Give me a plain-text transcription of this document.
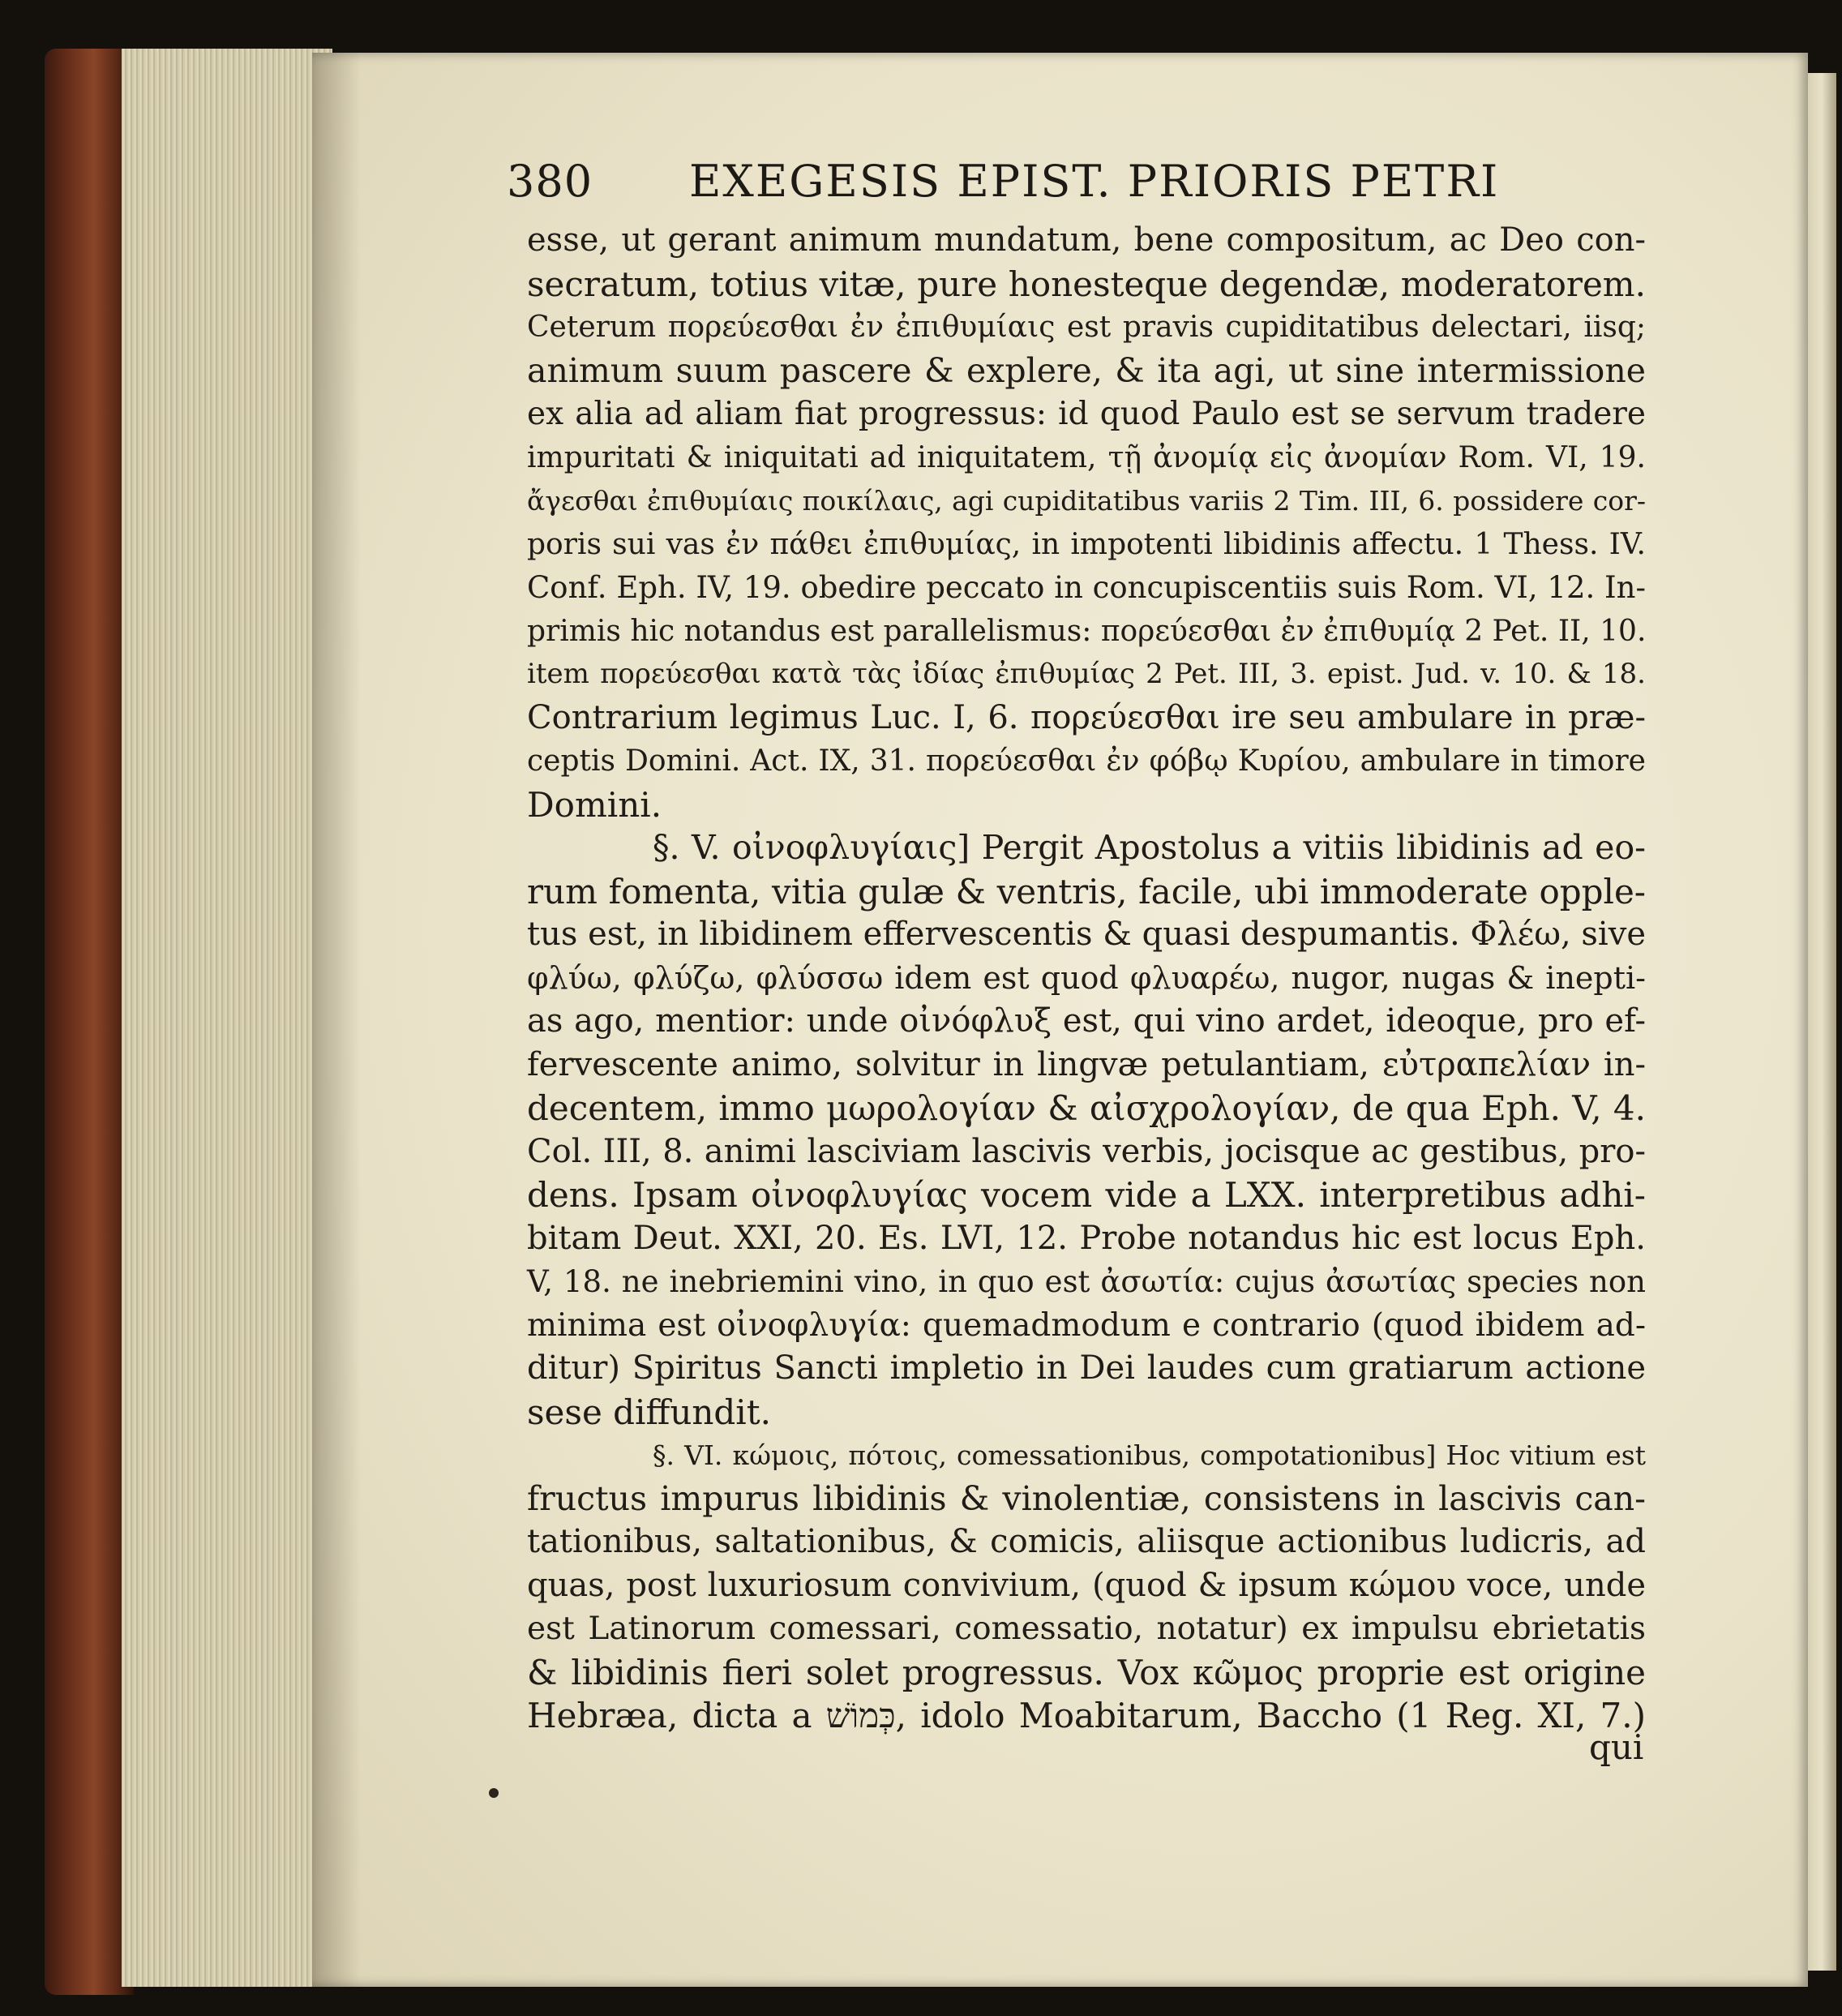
380 EXEGESIS EPIST. PRIORIS PETRI
esse, ut gerant animum mundatum, bene compositum, ac Deo con-
secratum, totius vitæ, pure honesteque degendæ, moderatorem.
Ceterum πορεύεσθαι ἐν ἐπιθυμίαις est pravis cupiditatibus delectari, iisq;
animum suum pascere & explere, & ita agi, ut sine intermissione
ex alia ad aliam fiat progressus: id quod Paulo est se servum tradere
impuritati & iniquitati ad iniquitatem, τῇ ἀνομίᾳ εἰς ἀνομίαν Rom. VI, 19.
ἄγεσθαι ἐπιθυμίαις ποικίλαις, agi cupiditatibus variis 2 Tim. III, 6. possidere cor-
poris sui vas ἐν πάθει ἐπιθυμίας, in impotenti libidinis affectu. 1 Thess. IV.
Conf. Eph. IV, 19. obedire peccato in concupiscentiis suis Rom. VI, 12. In-
primis hic notandus est parallelismus: πορεύεσθαι ἐν ἐπιθυμίᾳ 2 Pet. II, 10.
item πορεύεσθαι κατὰ τὰς ἰδίας ἐπιθυμίας 2 Pet. III, 3. epist. Jud. v. 10. & 18.
Contrarium legimus Luc. I, 6. πορεύεσθαι ire seu ambulare in præ-
ceptis Domini. Act. IX, 31. πορεύεσθαι ἐν φόβῳ Κυρίου, ambulare in timore
Domini.
§. V. οἰνοφλυγίαις] Pergit Apostolus a vitiis libidinis ad eo-
rum fomenta, vitia gulæ & ventris, facile, ubi immoderate opple-
tus est, in libidinem effervescentis & quasi despumantis. Φλέω, sive
φλύω, φλύζω, φλύσσω idem est quod φλυαρέω, nugor, nugas & inepti-
as ago, mentior: unde οἰνόφλυξ est, qui vino ardet, ideoque, pro ef-
fervescente animo, solvitur in lingvæ petulantiam, εὐτραπελίαν in-
decentem, immo μωρολογίαν & αἰσχρολογίαν, de qua Eph. V, 4.
Col. III, 8. animi lasciviam lascivis verbis, jocisque ac gestibus, pro-
dens. Ipsam οἰνοφλυγίας vocem vide a LXX. interpretibus adhi-
bitam Deut. XXI, 20. Es. LVI, 12. Probe notandus hic est locus Eph.
V, 18. ne inebriemini vino, in quo est ἀσωτία: cujus ἀσωτίας species non
minima est οἰνοφλυγία: quemadmodum e contrario (quod ibidem ad-
ditur) Spiritus Sancti impletio in Dei laudes cum gratiarum actione
sese diffundit.
§. VI. κώμοις, πότοις, comessationibus, compotationibus] Hoc vitium est
fructus impurus libidinis & vinolentiæ, consistens in lascivis can-
tationibus, saltationibus, & comicis, aliisque actionibus ludicris, ad
quas, post luxuriosum convivium, (quod & ipsum κώμου voce, unde
est Latinorum comessari, comessatio, notatur) ex impulsu ebrietatis
& libidinis fieri solet progressus. Vox κῶμος proprie est origine
Hebræa, dicta a כְּמוֹשׁ, idolo Moabitarum, Baccho (1 Reg. XI, 7.)
qui
